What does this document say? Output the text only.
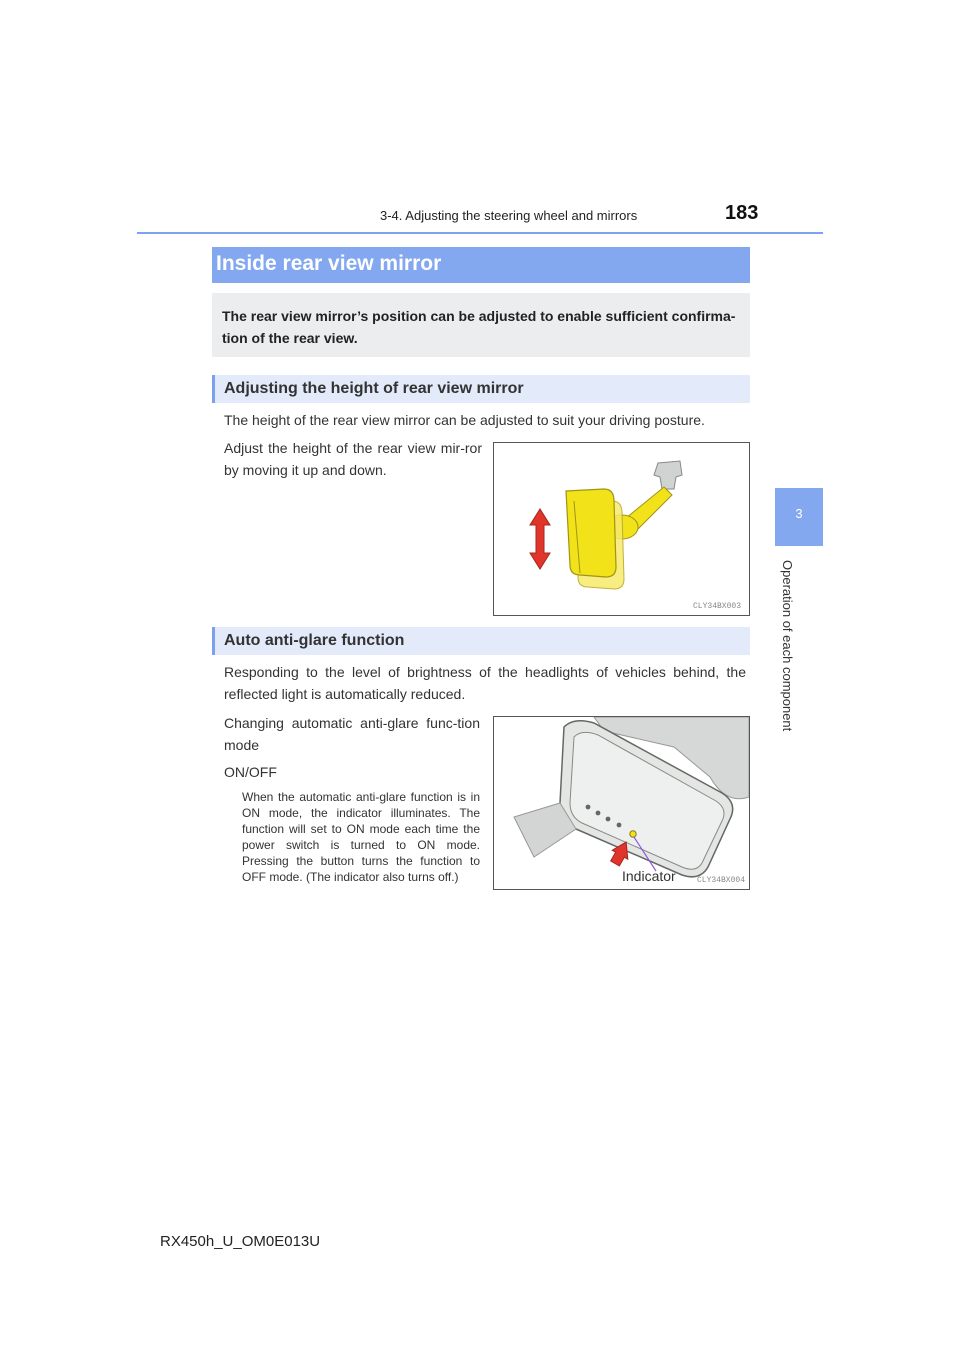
3-4. Adjusting the steering wheel and mirrors	183
3
Operation of each component
Inside rear view mirror
The rear view mirror’s position can be adjusted to enable sufficient confirma-tion of the rear view.
Adjusting the height of rear view mirror
The height of the rear view mirror can be adjusted to suit your driving posture.
Adjust the height of the rear view mir-ror by moving it up and down.
CLY34BX003
Auto anti-glare function
Responding to the level of brightness of the headlights of vehicles behind, the reflected light is automatically reduced.
Changing automatic anti-glare func-tion mode
ON/OFF
When the automatic anti-glare function is in ON mode, the indicator illuminates. The function will set to ON mode each time the power switch is turned to ON mode. Pressing the button turns the function to OFF mode. (The indicator also turns off.)	Indicator	CLY34BX004
RX450h_U_OM0E013U
